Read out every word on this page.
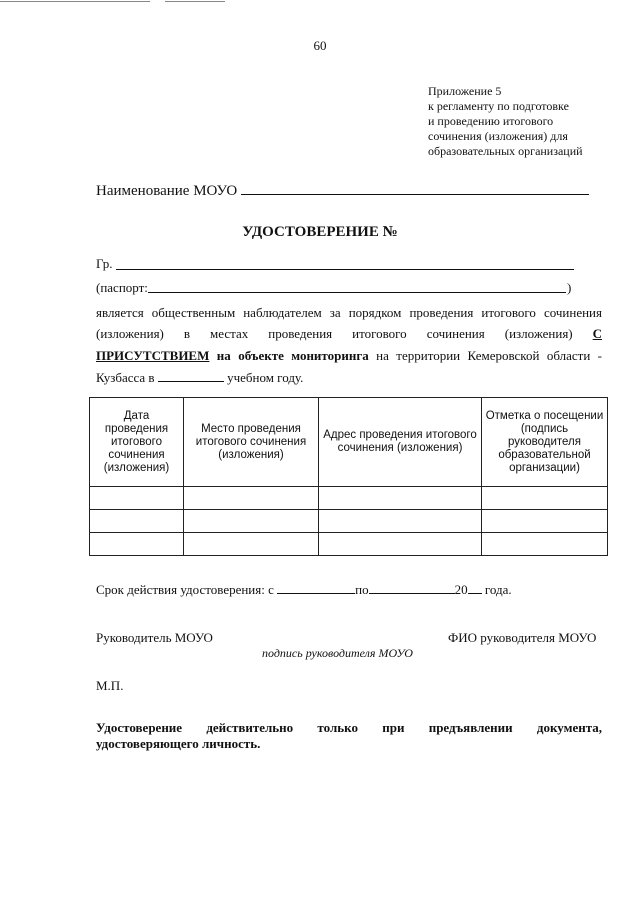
60
Приложение 5
к регламенту по подготовке
и проведению итогового
сочинения (изложения) для
образовательных организаций
Наименование МОУО
УДОСТОВЕРЕНИЕ №
Гр.
(паспорт:	)
является общественным наблюдателем за порядком проведения итогового сочинения
(изложения) в местах проведения итогового сочинения (изложения) С
ПРИСУТСТВИЕМ на объекте мониторинга на территории Кемеровской области -
Кузбасса в	учебном году.
Дата проведения итогового сочинения (изложения)	Место проведения итогового сочинения (изложения)	Адрес проведения итогового сочинения (изложения)	Отметка о посещении (подпись руководителя образовательной организации)

Срок действия удостоверения: с	по	20 года.
Руководитель МОУО	ФИО руководителя МОУО
подпись руководителя МОУО
М.П.
Удостоверение действительно только при предъявлении документа,
удостоверяющего личность.
